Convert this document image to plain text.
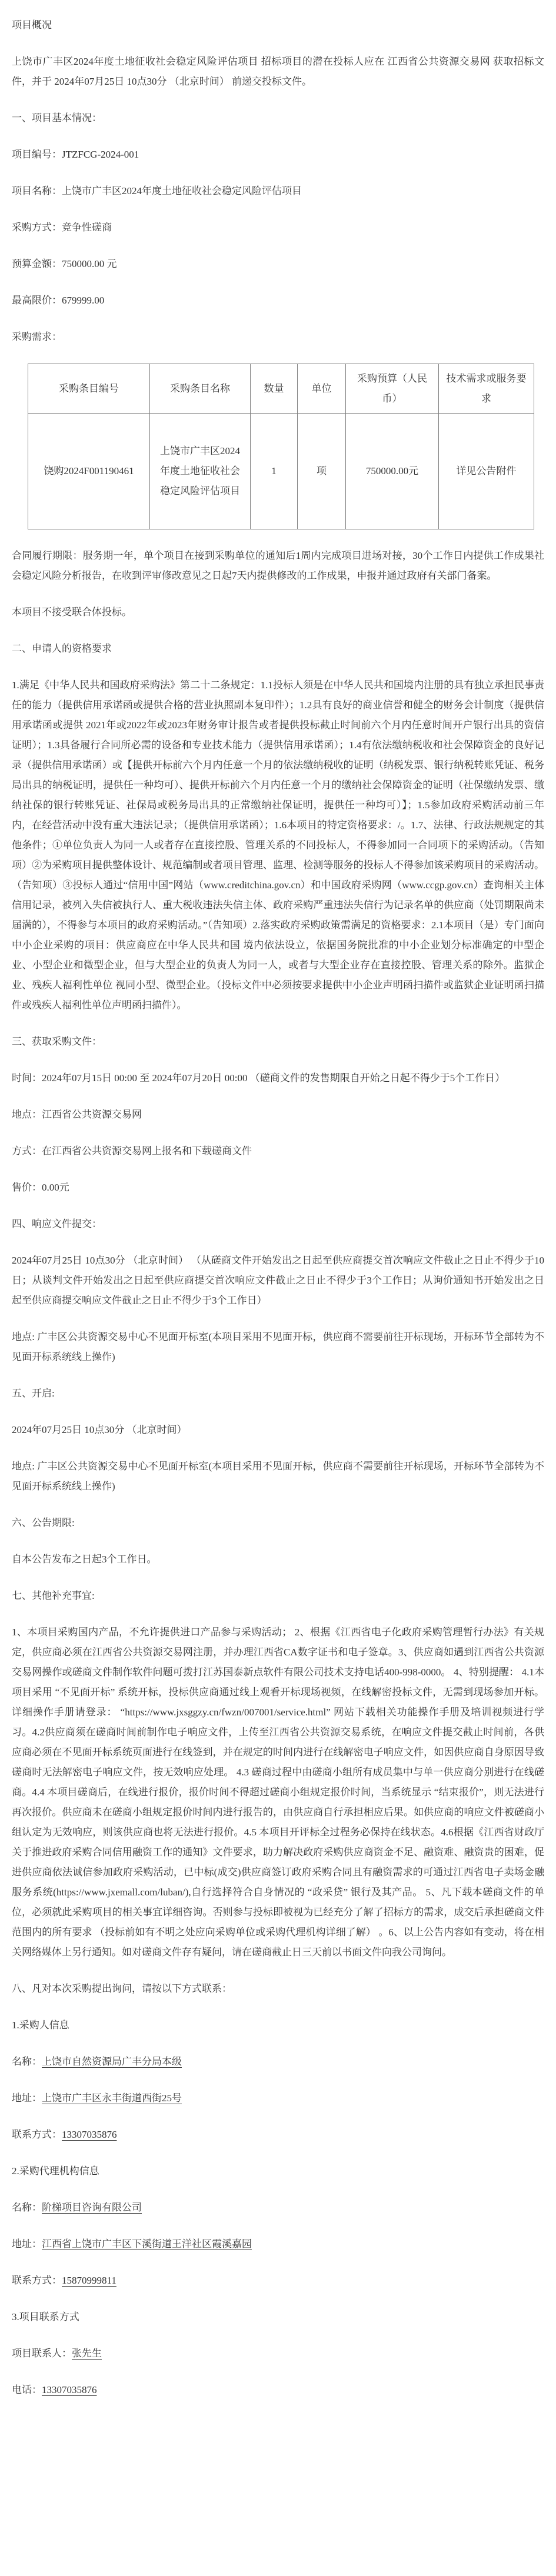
项目概况

上饶市广丰区2024年度土地征收社会稳定风险评估项目 招标项目的潜在投标人应在 江西省公共资源交易网 获取招标文件，并于 2024年07月25日 10点30分 （北京时间） 前递交投标文件。

一、项目基本情况：

项目编号：JTZFCG-2024-001

项目名称：上饶市广丰区2024年度土地征收社会稳定风险评估项目

采购方式：竞争性磋商

预算金额：750000.00 元

最高限价：679999.00

采购需求：

采购条目编号	采购条目名称	数量	单位	采购预算（人民币）	技术需求或服务要求
饶购2024F001190461	上饶市广丰区2024年度土地征收社会稳定风险评估项目	1	项	750000.00元	详见公告附件

合同履行期限：服务期一年，单个项目在接到采购单位的通知后1周内完成项目进场对接，30个工作日内提供工作成果社会稳定风险分析报告，在收到评审修改意见之日起7天内提供修改的工作成果，申报并通过政府有关部门备案。

本项目不接受联合体投标。

二、申请人的资格要求

1.满足《中华人民共和国政府采购法》第二十二条规定：1.1投标人须是在中华人民共和国境内注册的具有独立承担民事责任的能力（提供信用承诺函或提供合格的营业执照副本复印件）；1.2具有良好的商业信誉和健全的财务会计制度（提供信用承诺函或提供 2021年或2022年或2023年财务审计报告或者提供投标截止时间前六个月内任意时间开户银行出具的资信证明）；1.3具备履行合同所必需的设备和专业技术能力（提供信用承诺函）；1.4有依法缴纳税收和社会保障资金的良好记录（提供信用承诺函）或【提供开标前六个月内任意一个月的依法缴纳税收的证明（纳税发票、银行纳税转账凭证、税务局出具的纳税证明，提供任一种均可）、提供开标前六个月内任意一个月的缴纳社会保障资金的证明（社保缴纳发票、缴纳社保的银行转账凭证、社保局或税务局出具的正常缴纳社保证明，提供任一种均可）】；1.5参加政府采购活动前三年内，在经营活动中没有重大违法记录；（提供信用承诺函）；1.6本项目的特定资格要求：/。1.7、法律、行政法规规定的其他条件；①单位负责人为同一人或者存在直接控股、管理关系的不同投标人，不得参加同一合同项下的采购活动。（告知项）②为采购项目提供整体设计、规范编制或者项目管理、监理、检测等服务的投标人不得参加该采购项目的采购活动。（告知项）③投标人通过“信用中国”网站（www.creditchina.gov.cn）和中国政府采购网（www.ccgp.gov.cn）查询相关主体信用记录，被列入失信被执行人、重大税收违法失信主体、政府采购严重违法失信行为记录名单的供应商（处罚期限尚未届满的），不得参与本项目的政府采购活动。”（告知项）2.落实政府采购政策需满足的资格要求：2.1本项目（是）专门面向中小企业采购的项目：供应商应在中华人民共和国 境内依法设立，依据国务院批准的中小企业划分标准确定的中型企业、小型企业和微型企业，但与大型企业的负责人为同一人，或者与大型企业存在直接控股、管理关系的除外。监狱企业、残疾人福利性单位 视同小型、微型企业。（投标文件中必须按要求提供中小企业声明函扫描件或监狱企业证明函扫描件或残疾人福利性单位声明函扫描件）。

三、获取采购文件：

时间：2024年07月15日 00:00 至 2024年07月20日 00:00 （磋商文件的发售期限自开始之日起不得少于5个工作日）

地点：江西省公共资源交易网

方式：在江西省公共资源交易网上报名和下载磋商文件

售价：0.00元

四、响应文件提交：

2024年07月25日 10点30分 （北京时间） （从磋商文件开始发出之日起至供应商提交首次响应文件截止之日止不得少于10日；从谈判文件开始发出之日起至供应商提交首次响应文件截止之日止不得少于3个工作日；从询价通知书开始发出之日起至供应商提交响应文件截止之日止不得少于3个工作日）

地点: 广丰区公共资源交易中心不见面开标室(本项目采用不见面开标，供应商不需要前往开标现场，开标环节全部转为不见面开标系统线上操作)

五、开启:

2024年07月25日 10点30分 （北京时间）

地点: 广丰区公共资源交易中心不见面开标室(本项目采用不见面开标，供应商不需要前往开标现场，开标环节全部转为不见面开标系统线上操作)

六、公告期限:

自本公告发布之日起3个工作日。

七、其他补充事宜:

1、本项目采购国内产品，不允许提供进口产品参与采购活动； 2、根据《江西省电子化政府采购管理暂行办法》有关规定，供应商必须在江西省公共资源交易网注册，并办理江西省CA数字证书和电子签章。3、供应商如遇到江西省公共资源交易网操作或磋商文件制作软件问题可拨打江苏国泰新点软件有限公司技术支持电话400-998-0000。 4、特别提醒： 4.1本项目采用 “不见面开标” 系统开标，投标供应商通过线上观看开标现场视频，在线解密投标文件，无需到现场参加开标。详细操作手册请登录： “https://www.jxsggzy.cn/fwzn/007001/service.html” 网站下载相关功能操作手册及培训视频进行学习。4.2供应商须在磋商时间前制作电子响应文件，上传至江西省公共资源交易系统，在响应文件提交截止时间前，各供应商必须在不见面开标系统页面进行在线签到，并在规定的时间内进行在线解密电子响应文件，如因供应商自身原因导致磋商时无法解密电子响应文件，按无效响应处理。 4.3 磋商过程中由磋商小组所有成员集中与单一供应商分别进行在线磋商。4.4 本项目磋商后，在线进行报价，报价时间不得超过磋商小组规定报价时间，当系统显示 “结束报价”，则无法进行再次报价。供应商未在磋商小组规定报价时间内进行报告的，由供应商自行承担相应后果。如供应商的响应文件被磋商小组认定为无效响应，则该供应商也将无法进行报价。4.5 本项目开评标全过程务必保持在线状态。4.6根据《江西省财政厅关于推进政府采购合同信用融资工作的通知》文件要求，助力解决政府采购供应商资金不足、融资难、融资贵的困难，促进供应商依法诚信参加政府采购活动，已中标(成交)供应商签订政府采购合同且有融资需求的可通过江西省电子卖场金融服务系统(https://www.jxemall.com/luban/),自行选择符合自身情况的 “政采贷” 银行及其产品。 5、凡下载本磋商文件的单位，必须就此采购项目的相关事宜详细咨询。否则参与投标即被视为已经充分了解了招标方的需求，成交后承担磋商文件范围内的所有要求 （投标前如有不明之处应向采购单位或采购代理机构详细了解） 。6、以上公告内容如有变动，将在相关网络媒体上另行通知。如对磋商文件存有疑问，请在磋商截止日三天前以书面文件向我公司询问。

八、凡对本次采购提出询问，请按以下方式联系：

1.采购人信息

名称：上饶市自然资源局广丰分局本级

地址：上饶市广丰区永丰街道西街25号

联系方式：13307035876

2.采购代理机构信息

名称：阶梯项目咨询有限公司

地址：江西省上饶市广丰区下溪街道王洋社区霞溪嘉园

联系方式：15870999811

3.项目联系方式

项目联系人：张先生

电话：13307035876
